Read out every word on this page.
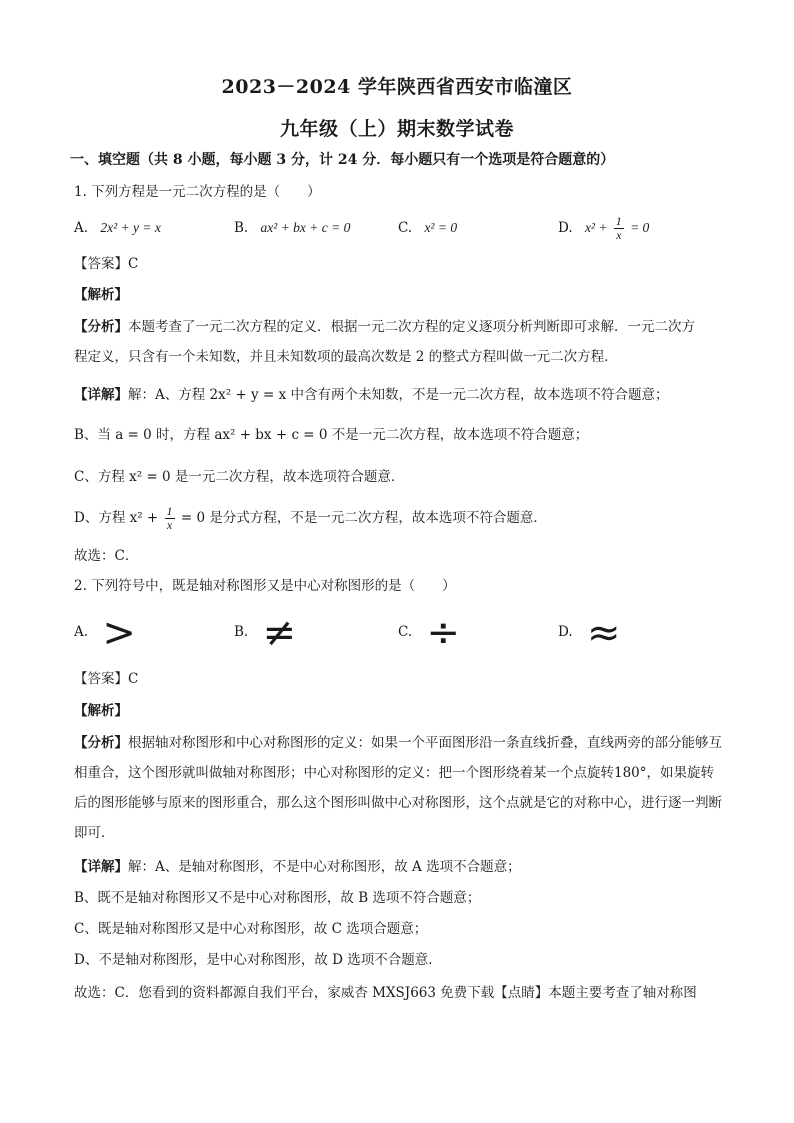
2023－2024 学年陕西省西安市临潼区
九年级（上）期末数学试卷
一、填空题（共 8 小题，每小题 3 分，计 24 分．每小题只有一个选项是符合题意的）
1. 下列方程是一元二次方程的是（　　）
A. 2x² + y = x	B. ax² + bx + c = 0	C. x² = 0	D. $x^2 + \frac{1}{x} = 0$
【答案】C
【解析】
【分析】本题考查了一元二次方程的定义．根据一元二次方程的定义逐项分析判断即可求解．一元二次方
程定义，只含有一个未知数，并且未知数项的最高次数是 2 的整式方程叫做一元二次方程．
【详解】解：A、方程 2x² + y = x 中含有两个未知数，不是一元二次方程，故本选项不符合题意；
B、当 a = 0 时，方程 ax² + bx + c = 0 不是一元二次方程，故本选项不符合题意；
C、方程 x² = 0 是一元二次方程，故本选项符合题意．
D、方程 $x^2 + \frac{1}{x} = 0$ 是分式方程，不是一元二次方程，故本选项不符合题意．
故选：C．
2. 下列符号中，既是轴对称图形又是中心对称图形的是（　　）
A. >	B. ≠	C. ÷	D. ≈
【答案】C
【解析】
【分析】根据轴对称图形和中心对称图形的定义：如果一个平面图形沿一条直线折叠，直线两旁的部分能够互相重合，这个图形就叫做轴对称图形；中心对称图形的定义：把一个图形绕着某一个点旋转180°，如果旋转后的图形能够与原来的图形重合，那么这个图形叫做中心对称图形，这个点就是它的对称中心，进行逐一判断即可．
【详解】解：A、是轴对称图形，不是中心对称图形，故 A 选项不合题意；
B、既不是轴对称图形又不是中心对称图形，故 B 选项不符合题意；
C、既是轴对称图形又是中心对称图形，故 C 选项合题意；
D、不是轴对称图形，是中心对称图形，故 D 选项不合题意．
故选：C．您看到的资料都源自我们平台，家威杏 MXSJ663 免费下载【点睛】本题主要考查了轴对称图
